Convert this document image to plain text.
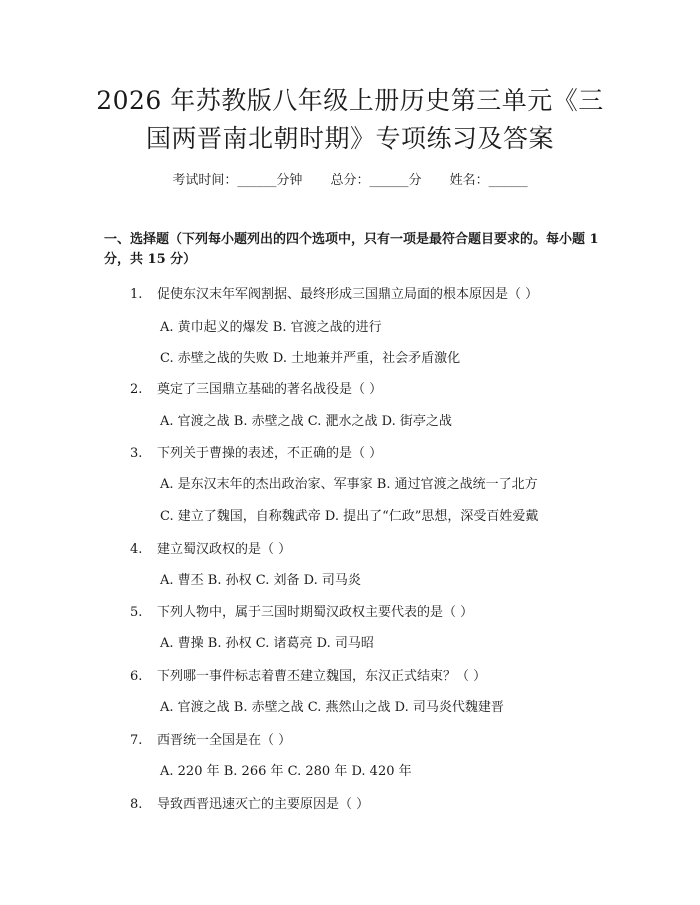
2026 年苏教版八年级上册历史第三单元《三
国两晋南北朝时期》专项练习及答案
考试时间：______分钟 总分：______分 姓名：______
一、选择题（下列每小题列出的四个选项中，只有一项是最符合题目要求的。每小题 1 分，共 15 分）
1. 促使东汉末年军阀割据、最终形成三国鼎立局面的根本原因是（ ）
A. 黄巾起义的爆发 B. 官渡之战的进行
C. 赤壁之战的失败 D. 土地兼并严重，社会矛盾激化
2. 奠定了三国鼎立基础的著名战役是（ ）
A. 官渡之战 B. 赤壁之战 C. 淝水之战 D. 街亭之战
3. 下列关于曹操的表述，不正确的是（ ）
A. 是东汉末年的杰出政治家、军事家 B. 通过官渡之战统一了北方
C. 建立了魏国，自称魏武帝 D. 提出了“仁政”思想，深受百姓爱戴
4. 建立蜀汉政权的是（ ）
A. 曹丕 B. 孙权 C. 刘备 D. 司马炎
5. 下列人物中，属于三国时期蜀汉政权主要代表的是（ ）
A. 曹操 B. 孙权 C. 诸葛亮 D. 司马昭
6. 下列哪一事件标志着曹丕建立魏国，东汉正式结束？（ ）
A. 官渡之战 B. 赤壁之战 C. 燕然山之战 D. 司马炎代魏建晋
7. 西晋统一全国是在（ ）
A. 220 年 B. 266 年 C. 280 年 D. 420 年
8. 导致西晋迅速灭亡的主要原因是（ ）
